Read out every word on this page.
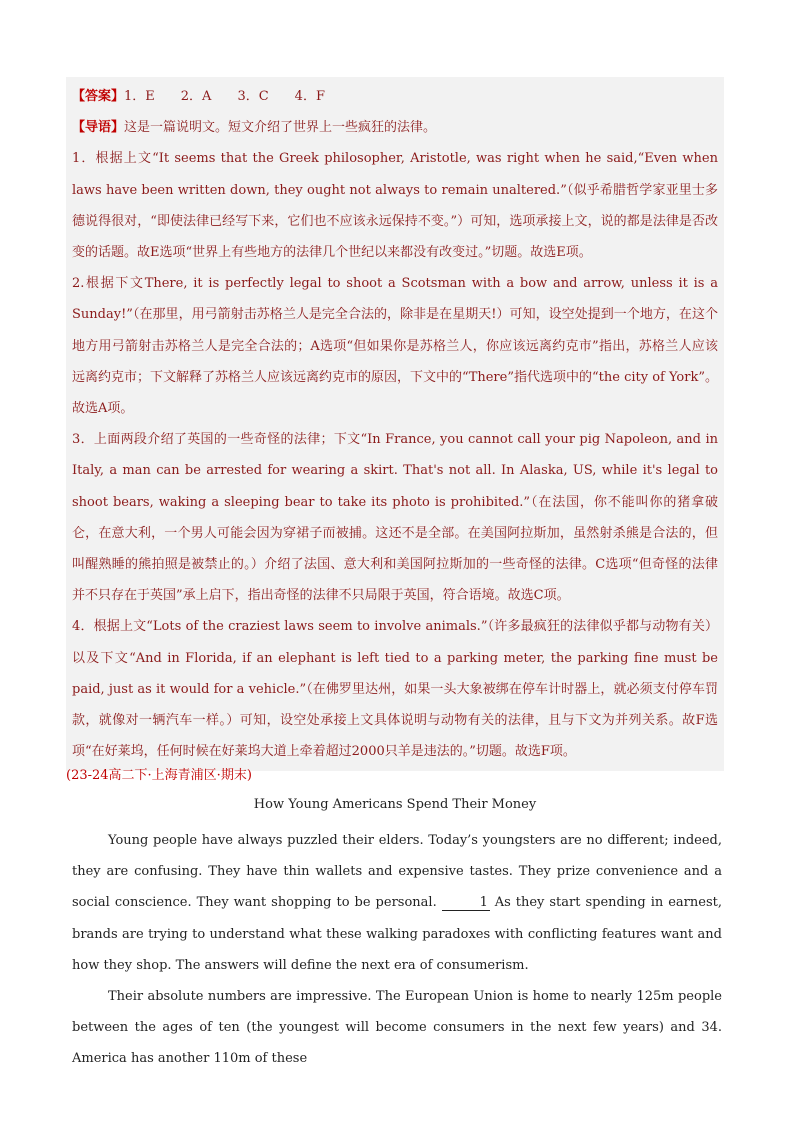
【答案】1．E 2．A 3．C 4．F

【导语】这是一篇说明文。短文介绍了世界上一些疯狂的法律。

1．根据上文“It seems that the Greek philosopher, Aristotle, was right when he said,“Even when laws have been written down, they ought not always to remain unaltered.”（似乎希腊哲学家亚里士多德说得很对，“即使法律已经写下来，它们也不应该永远保持不变。”）可知，选项承接上文，说的都是法律是否改变的话题。故E选项“世界上有些地方的法律几个世纪以来都没有改变过。”切题。故选E项。

2.根据下文There, it is perfectly legal to shoot a Scotsman with a bow and arrow, unless it is a Sunday!”（在那里，用弓箭射击苏格兰人是完全合法的，除非是在星期天!）可知，设空处提到一个地方，在这个地方用弓箭射击苏格兰人是完全合法的；A选项“但如果你是苏格兰人，你应该远离约克市”指出，苏格兰人应该远离约克市；下文解释了苏格兰人应该远离约克市的原因，下文中的“There”指代选项中的“the city of York”。故选A项。

3．上面两段介绍了英国的一些奇怪的法律；下文“In France, you cannot call your pig Napoleon, and in Italy, a man can be arrested for wearing a skirt. That's not all. In Alaska, US, while it's legal to shoot bears, waking a sleeping bear to take its photo is prohibited.”（在法国，你不能叫你的猪拿破仑，在意大利，一个男人可能会因为穿裙子而被捕。这还不是全部。在美国阿拉斯加，虽然射杀熊是合法的，但叫醒熟睡的熊拍照是被禁止的。）介绍了法国、意大利和美国阿拉斯加的一些奇怪的法律。C选项“但奇怪的法律并不只存在于英国”承上启下，指出奇怪的法律不只局限于英国，符合语境。故选C项。

4．根据上文“Lots of the craziest laws seem to involve animals.”（许多最疯狂的法律似乎都与动物有关）以及下文“And in Florida, if an elephant is left tied to a parking meter, the parking fine must be paid, just as it would for a vehicle.”（在佛罗里达州，如果一头大象被绑在停车计时器上，就必须支付停车罚款，就像对一辆汽车一样。）可知，设空处承接上文具体说明与动物有关的法律，且与下文为并列关系。故F选项“在好莱坞，任何时候在好莱坞大道上牵着超过2000只羊是违法的。”切题。故选F项。

(23-24高二下·上海青浦区·期末)
How Young Americans Spend Their Money

Young people have always puzzled their elders. Today’s youngsters are no different; indeed, they are confusing. They have thin wallets and expensive tastes. They prize convenience and a social conscience. They want shopping to be personal.	1 As they start spending in earnest, brands are trying to understand what these walking paradoxes with conflicting features want and how they shop. The answers will define the next era of consumerism.

Their absolute numbers are impressive. The European Union is home to nearly 125m people between the ages of ten (the youngest will become consumers in the next few years) and 34. America has another 110m of these
